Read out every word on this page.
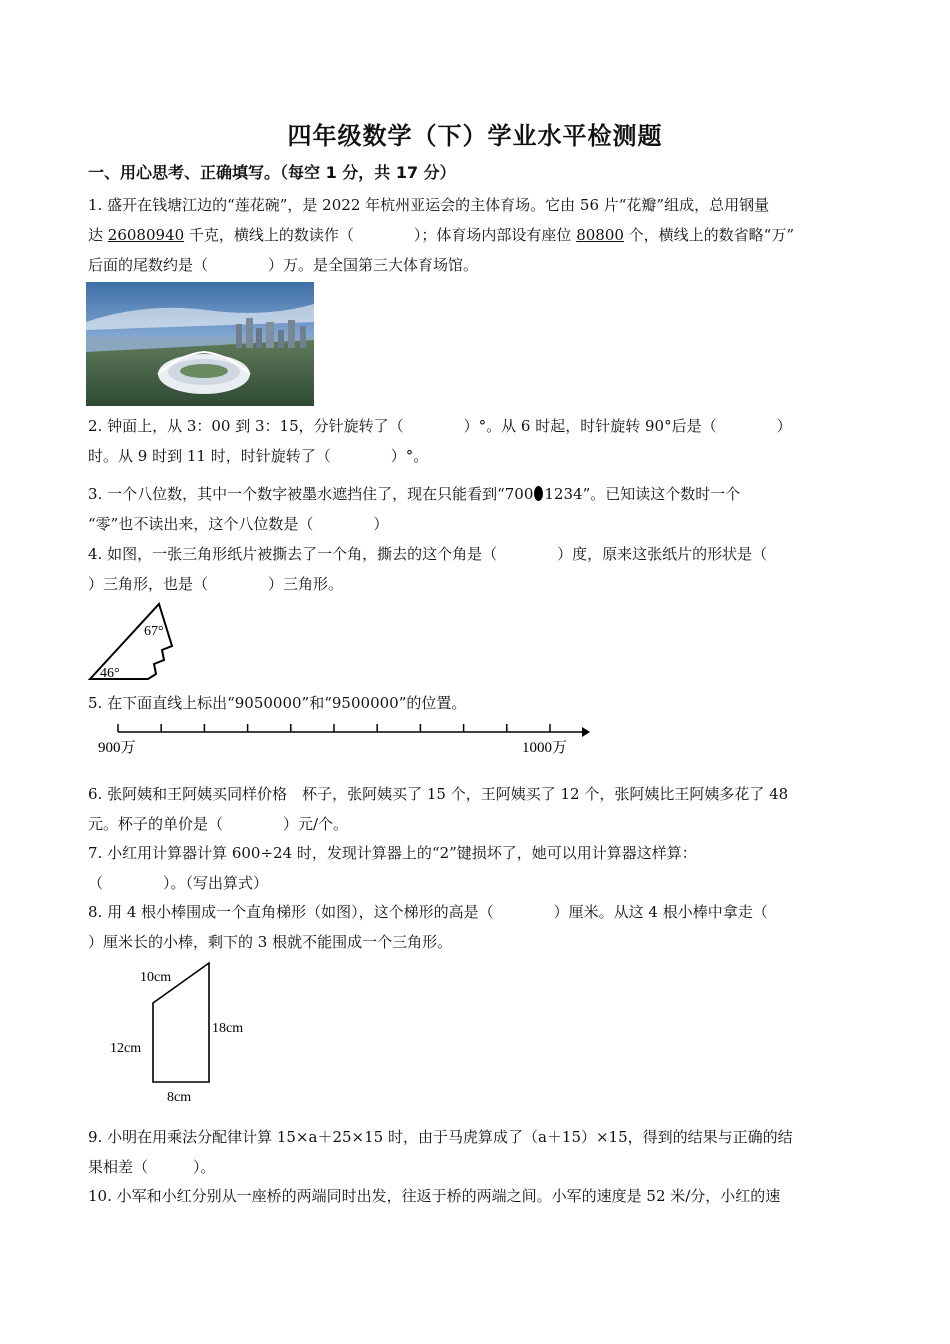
四年级数学（下）学业水平检测题
一、用心思考、正确填写。（每空 1 分，共 17 分）
1. 盛开在钱塘江边的“莲花碗”，是 2022 年杭州亚运会的主体育场。它由 56 片“花瓣”组成，总用钢量
达 26080940 千克，横线上的数读作（　　　　）；体育场内部设有座位 80800 个，横线上的数省略“万”
后面的尾数约是（　　　　）万。是全国第三大体育场馆。
2. 钟面上，从 3：00 到 3：15，分针旋转了（　　　　）°。从 6 时起，时针旋转 90°后是（　　　　）
时。从 9 时到 11 时，时针旋转了（　　　　）°。
3. 一个八位数，其中一个数字被墨水遮挡住了，现在只能看到“700 1234”。已知读这个数时一个
“零”也不读出来，这个八位数是（　　　　）
4. 如图，一张三角形纸片被撕去了一个角，撕去的这个角是（　　　　）度，原来这张纸片的形状是（
）三角形，也是（　　　　）三角形。
67°
46°
5. 在下面直线上标出“9050000”和“9500000”的位置。
900万	1000万
6. 张阿姨和王阿姨买同样价格　杯子，张阿姨买了 15 个，王阿姨买了 12 个，张阿姨比王阿姨多花了 48
元。杯子的单价是（　　　　）元/个。
7. 小红用计算器计算 600÷24 时，发现计算器上的“2”键损坏了，她可以用计算器这样算：
（　　　　）。（写出算式）
8. 用 4 根小棒围成一个直角梯形（如图），这个梯形的高是（　　　　）厘米。从这 4 根小棒中拿走（
）厘米长的小棒，剩下的 3 根就不能围成一个三角形。
10cm
18cm
12cm
8cm
9. 小明在用乘法分配律计算 15×a＋25×15 时，由于马虎算成了（a＋15）×15，得到的结果与正确的结
果相差（　　　）。
10. 小军和小红分别从一座桥的两端同时出发，往返于桥的两端之间。小军的速度是 52 米/分，小红的速
